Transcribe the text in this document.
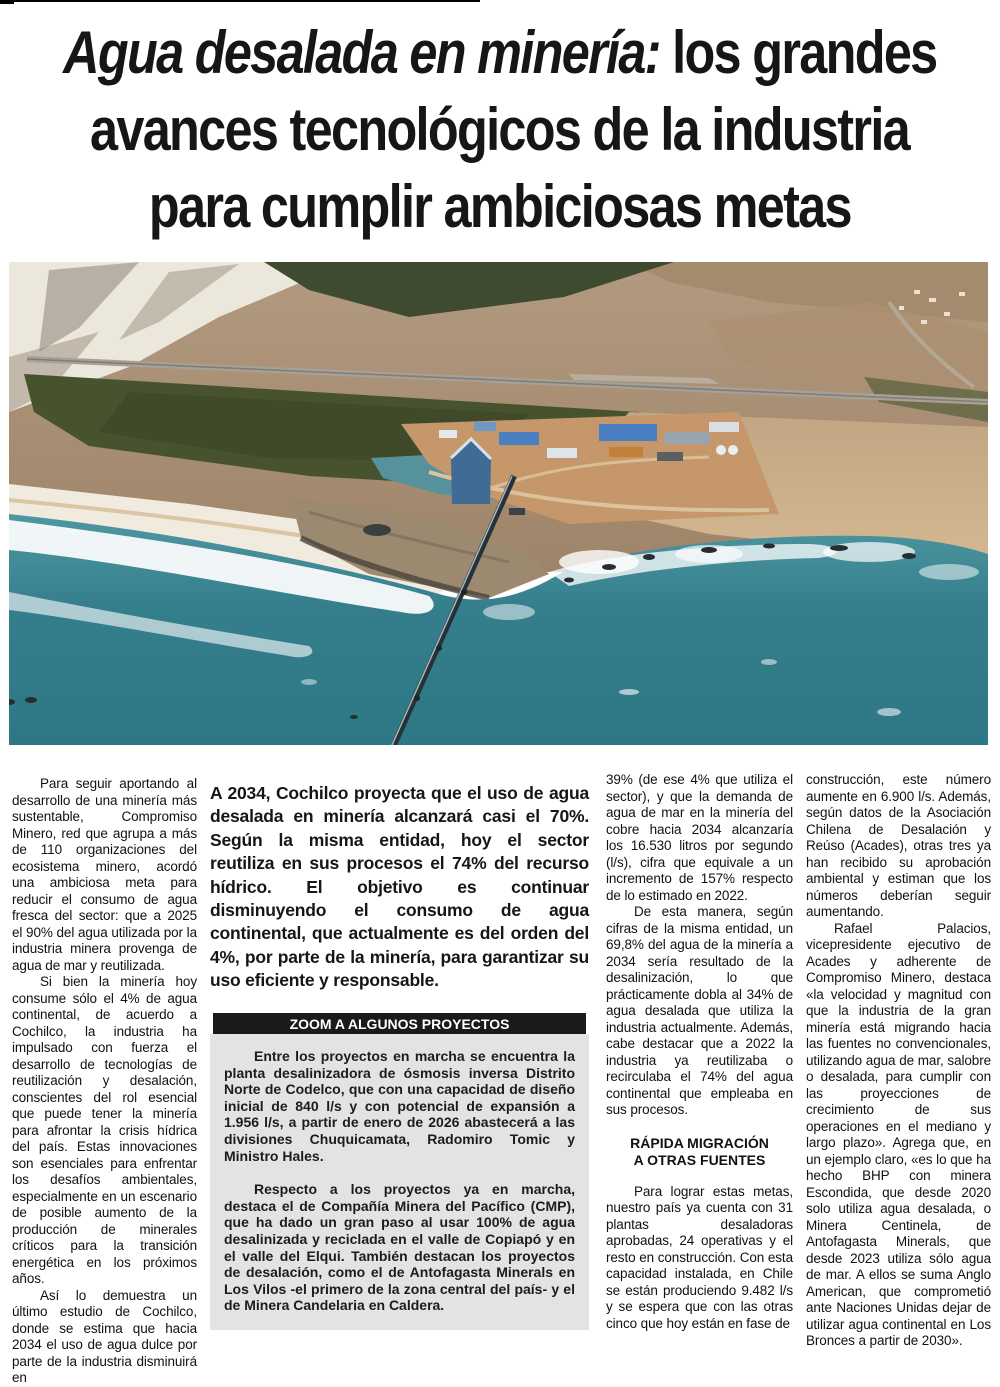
Agua desalada en minería: los grandes
avances tecnológicos de la industria
para cumplir ambiciosas metas

Para seguir aportando al desarrollo de una minería más sustentable, Compromiso Minero, red que agrupa a más de 110 organizaciones del ecosistema minero, acordó una ambiciosa meta para reducir el consumo de agua fresca del sector: que a 2025 el 90% del agua utilizada por la industria minera provenga de agua de mar y reutilizada.

Si bien la minería hoy consume sólo el 4% de agua continental, de acuerdo a Cochilco, la industria ha impulsado con fuerza el desarrollo de tecnologías de reutilización y desalación, conscientes del rol esencial que puede tener la minería para afrontar la crisis hídrica del país. Estas innovaciones son esenciales para enfrentar los desafíos ambientales, especialmente en un escenario de posible aumento de la producción de minerales críticos para la transición energética en los próximos años.

Así lo demuestra un último estudio de Cochilco, donde se estima que hacia 2034 el uso de agua dulce por parte de la industria disminuirá en

A 2034, Cochilco proyecta que el uso de agua desalada en minería alcanzará casi el 70%. Según la misma entidad, hoy el sector reutiliza en sus procesos el 74% del recurso hídrico. El objetivo es continuar disminuyendo el consumo de agua continental, que actualmente es del orden del 4%, por parte de la minería, para garantizar su uso eficiente y responsable.
ZOOM A ALGUNOS PROYECTOS

Entre los proyectos en marcha se encuentra la planta desalinizadora de ósmosis inversa Distrito Norte de Codelco, que con una capacidad de diseño inicial de 840 l/s y con potencial de expansión a 1.956 l/s, a partir de enero de 2026 abastecerá a las divisiones Chuquicamata, Radomiro Tomic y Ministro Hales.

Respecto a los proyectos ya en marcha, destaca el de Compañía Minera del Pacífico (CMP), que ha dado un gran paso al usar 100% de agua desalinizada y reciclada en el valle de Copiapó y en el valle del Elqui. También destacan los proyectos de desalación, como el de Antofagasta Minerals en Los Vilos -el primero de la zona central del país- y el de Minera Candelaria en Caldera.

39% (de ese 4% que utiliza el sector), y que la demanda de agua de mar en la minería del cobre hacia 2034 alcanzaría los 16.530 litros por segundo (l/s), cifra que equivale a un incremento de 157% respecto de lo estimado en 2022.

De esta manera, según cifras de la misma entidad, un 69,8% del agua de la minería a 2034 sería resultado de la desalinización, lo que prácticamente dobla al 34% de agua desalada que utiliza la industria actualmente. Además, cabe destacar que a 2022 la industria ya reutilizaba o recirculaba el 74% del agua continental que empleaba en sus procesos.

RÁPIDA MIGRACIÓN
A OTRAS FUENTES

Para lograr estas metas, nuestro país ya cuenta con 31 plantas desaladoras aprobadas, 24 operativas y el resto en construcción. Con esta capacidad instalada, en Chile se están produciendo 9.482 l/s y se espera que con las otras cinco que hoy están en fase de

construcción, este número aumente en 6.900 l/s. Además, según datos de la Asociación Chilena de Desalación y Reúso (Acades), otras tres ya han recibido su aprobación ambiental y estiman que los números deberían seguir aumentando.

Rafael Palacios, vicepresidente ejecutivo de Acades y adherente de Compromiso Minero, destaca «la velocidad y magnitud con que la industria de la gran minería está migrando hacia las fuentes no convencionales, utilizando agua de mar, salobre o desalada, para cumplir con las proyecciones de crecimiento de sus operaciones en el mediano y largo plazo». Agrega que, en un ejemplo claro, «es lo que ha hecho BHP con minera Escondida, que desde 2020 solo utiliza agua desalada, o Minera Centinela, de Antofagasta Minerals, que desde 2023 utiliza sólo agua de mar. A ellos se suma Anglo American, que comprometió ante Naciones Unidas dejar de utilizar agua continental en Los Bronces a partir de 2030».
